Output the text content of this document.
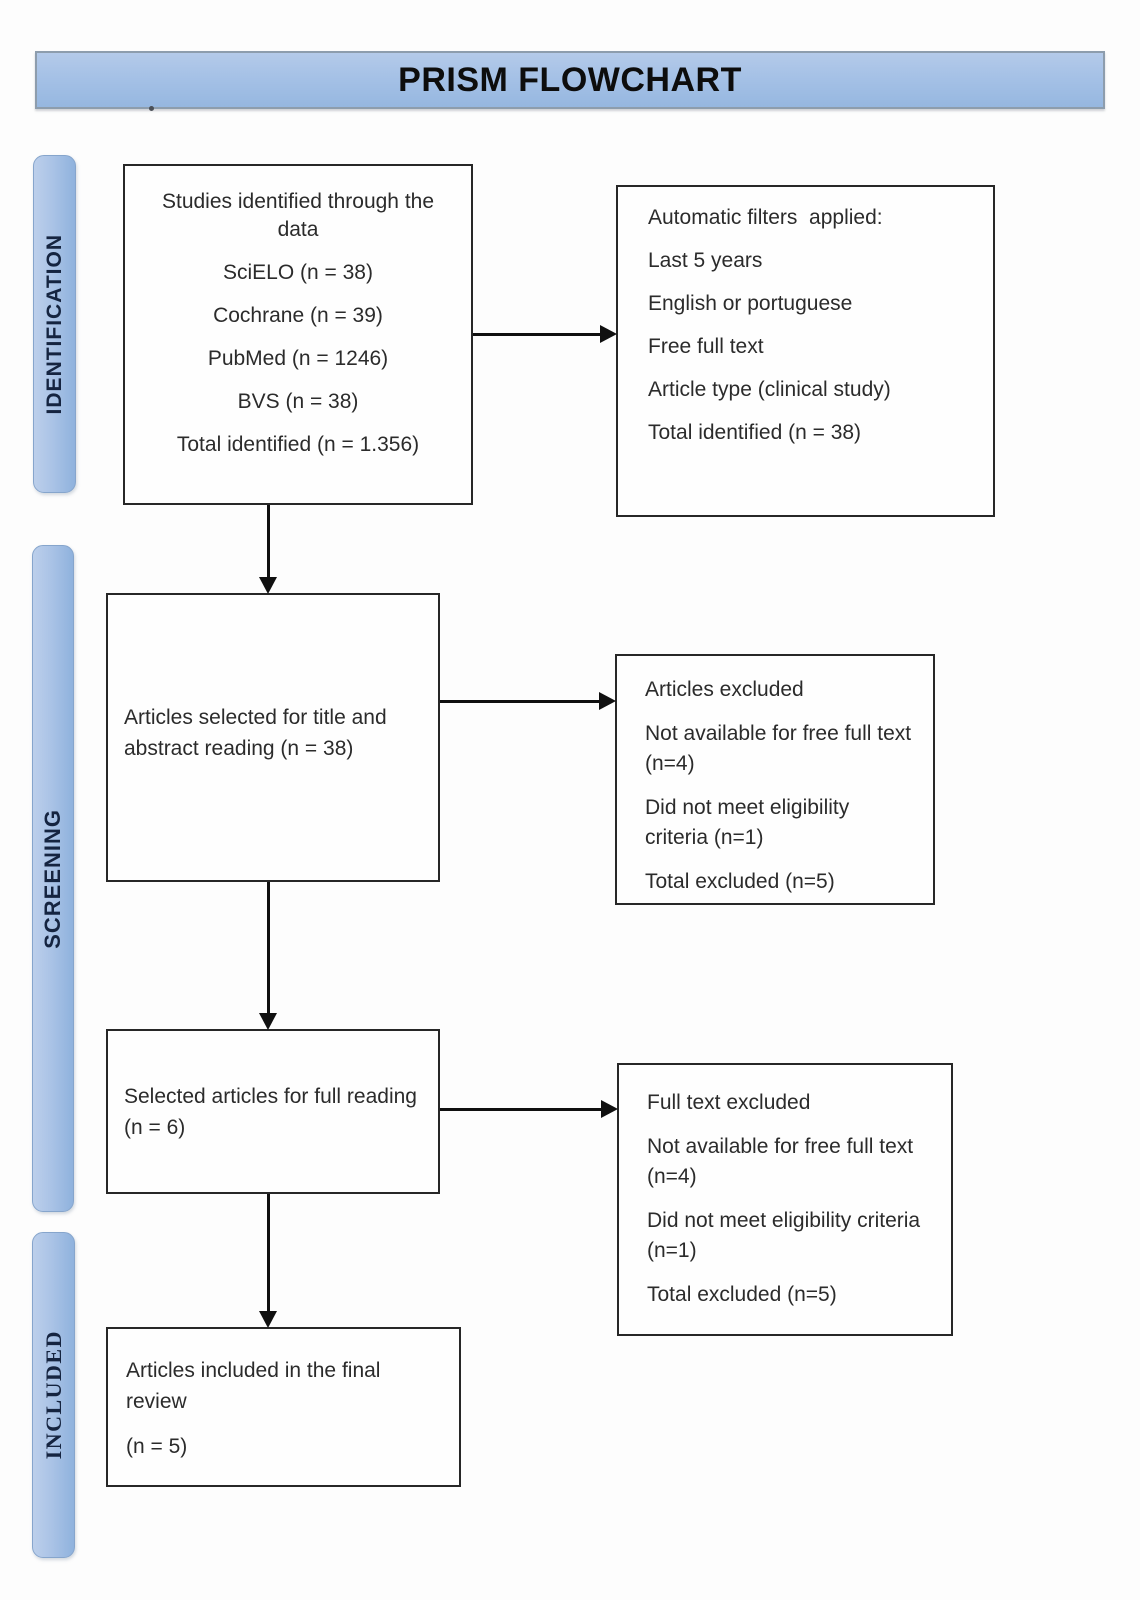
PRISM FLOWCHART
IDENTIFICATION
SCREENING
INCLUDED
Studies identified through the data
SciELO (n = 38)
Cochrane (n = 39)
PubMed (n = 1246)
BVS (n = 38)
Total identified (n = 1.356)
Automatic filters  applied:
Last 5 years
English or portuguese
Free full text
Article type (clinical study)
Total identified (n = 38)
Articles selected for title and abstract reading (n = 38)
Articles excluded
Not available for free full text (n=4)
Did not meet eligibility criteria (n=1)
Total excluded (n=5)
Selected articles for full reading (n = 6)
Full text excluded
Not available for free full text (n=4)
Did not meet eligibility criteria (n=1)
Total excluded (n=5)
Articles included in the final review
(n = 5)
